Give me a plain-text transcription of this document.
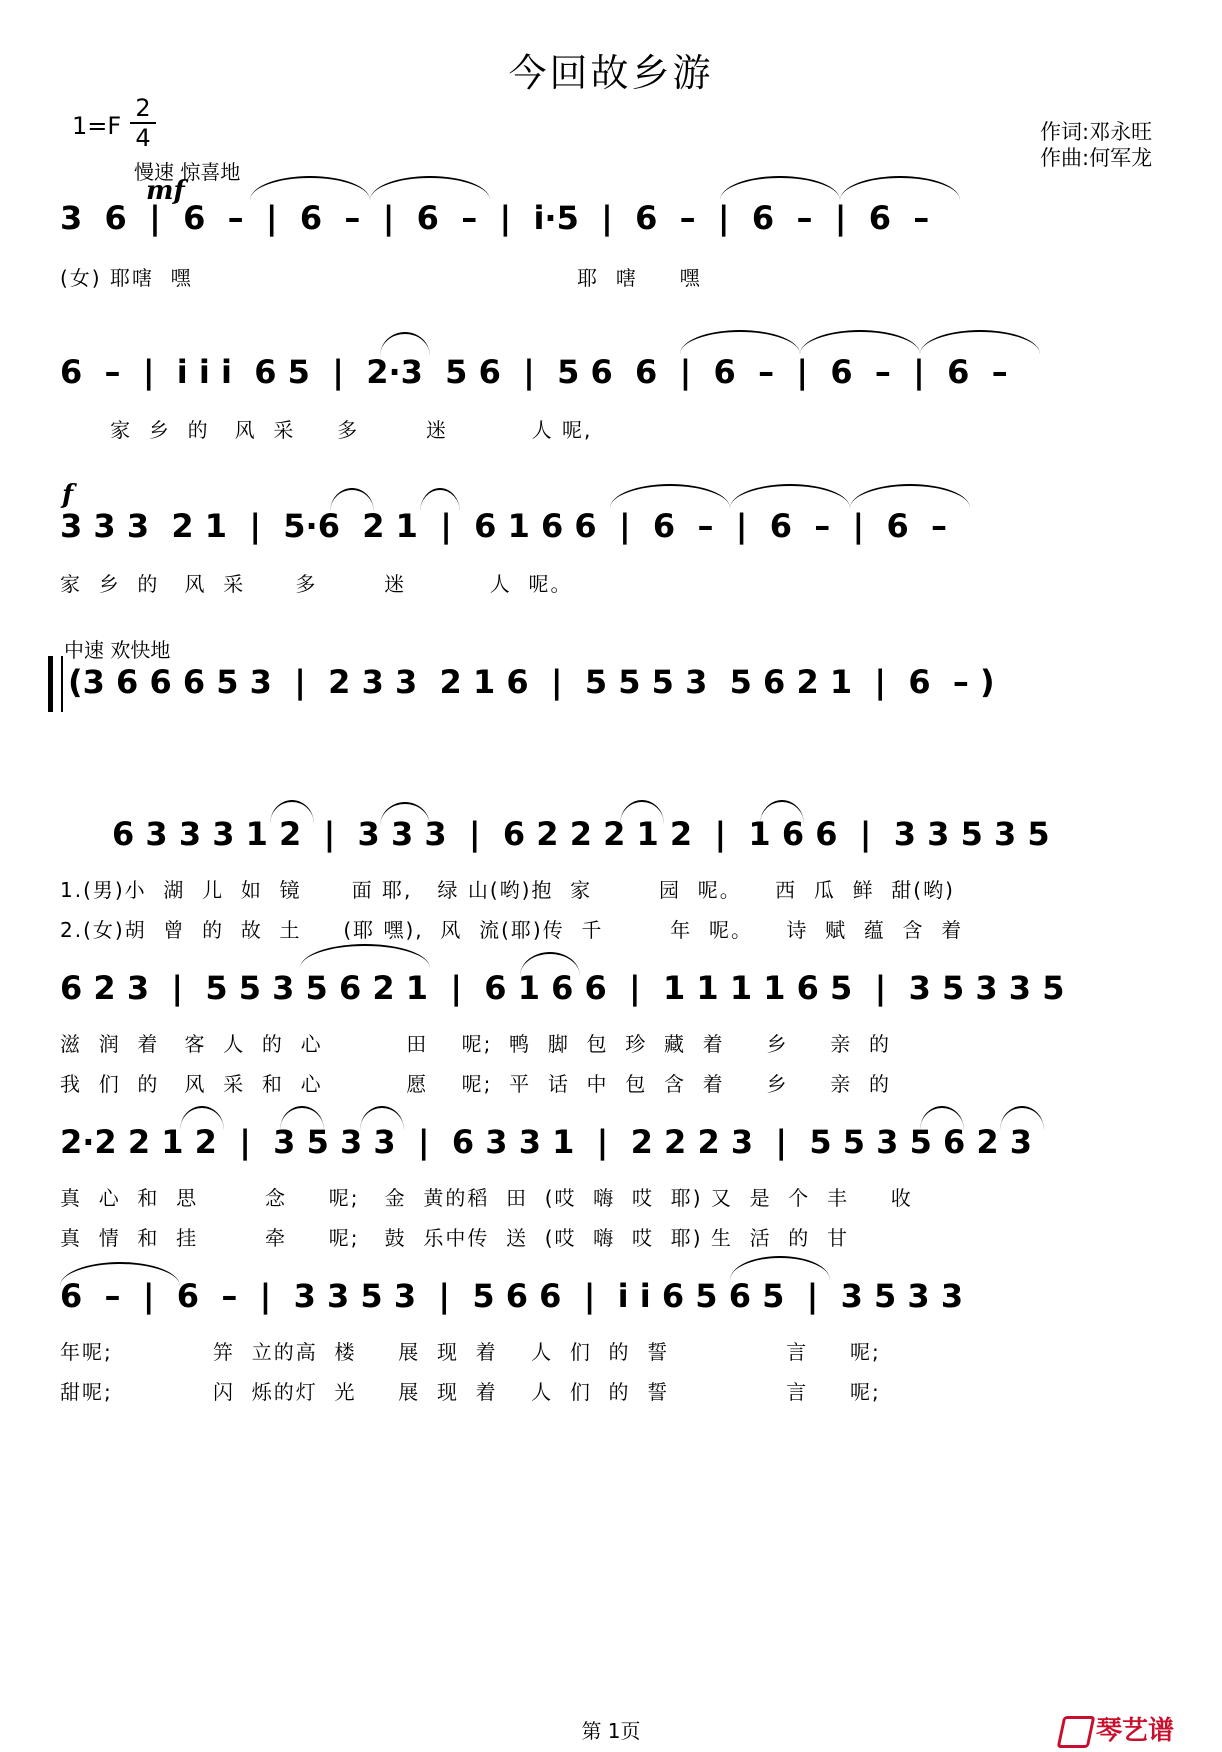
今回故乡游
1=F
2
4	作词:邓永旺
作曲:何军龙
慢速 惊喜地
mf
3  6  |  6  –  |  6  –  |  6  –  |  i·5  |  6  –  |  6  –  |  6  –
(女) 耶嗐  嘿                                              耶  嗐     嘿
6  –  |  i i i  6 5  |  2·3  5 6  |  5 6  6  |  6  –  |  6  –  |  6  –
家  乡  的   风  采     多        迷          人 呢,
f
3 3 3  2 1  |  5·6  2 1  |  6 1 6 6  |  6  –  |  6  –  |  6  –
家  乡  的   风  采      多        迷          人  呢。
中速 欢快地
(3 6 6 6 5 3  |  2 3 3  2 1 6  |  5 5 5 3  5 6 2 1  |  6  – )
6 3 3 3 1 2  |  3 3 3  |  6 2 2 2 1 2  |  1 6 6  |  3 3 5 3 5
1.(男)小  湖  儿  如  镜      面 耶,   绿 山(哟)抱  家        园  呢。    西  瓜  鲜  甜(哟)
2.(女)胡  曾  的  故  土     (耶 嘿),  风  流(耶)传  千        年  呢。    诗  赋  蕴  含  着
6 2 3  |  5 5 3 5 6 2 1  |  6 1 6 6  |  1 1 1 1 6 5  |  3 5 3 3 5
滋  润  着   客  人  的  心          田    呢;  鸭  脚  包  珍  藏  着     乡     亲  的
我  们  的   风  采  和  心          愿    呢;  平  话  中  包  含  着     乡     亲  的
2·2 2 1 2  |  3 5 3 3  |  6 3 3 1  |  2 2 2 3  |  5 5 3 5 6 2 3
真  心  和  思        念     呢;   金  黄的稻  田  (哎  嗨  哎  耶) 又  是  个  丰     收
真  情  和  挂        牵     呢;   鼓  乐中传  送  (哎  嗨  哎  耶) 生  活  的  甘
6  –  |  6  –  |  3 3 5 3  |  5 6 6  |  i i 6 5 6 5  |  3 5 3 3
年呢;            笄  立的高  楼     展  现  着    人  们  的  誓              言     呢;
甜呢;            闪  烁的灯  光     展  现  着    人  们  的  誓              言     呢;
第 1页	琴艺谱
